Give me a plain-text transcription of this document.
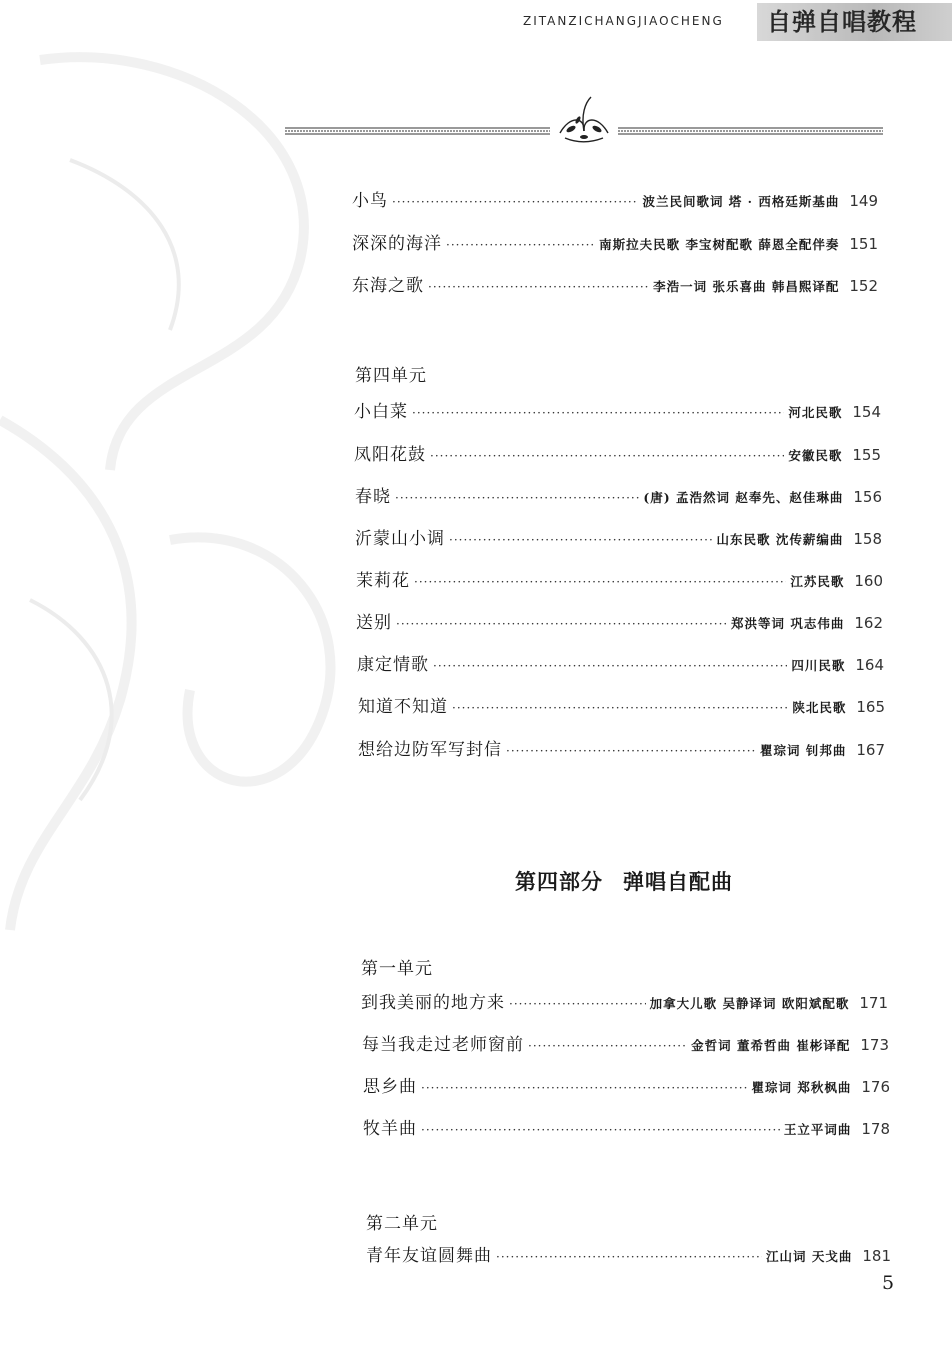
ZITANZICHANGJIAOCHENG	自弹自唱教程
小鸟 ·····	波兰民间歌词 塔 · 西格廷斯基曲 149
深深的海洋 ·····	南斯拉夫民歌 李宝树配歌 薛恩全配伴奏 151
东海之歌 ·····	李浩一词 张乐喜曲 韩昌熙译配 152
第四单元
小白菜 ·····	河北民歌 154
凤阳花鼓 ·····	安徽民歌 155
春晓 ·····	(唐) 孟浩然词 赵奉先、赵佳琳曲 156
沂蒙山小调 ·····	山东民歌 沈传薪编曲 158
茉莉花 ·····	江苏民歌 160
送别 ·····	郑洪等词 巩志伟曲 162
康定情歌 ·····	四川民歌 164
知道不知道 ·····	陕北民歌 165
想给边防军写封信 ·····	瞿琮词 钊邦曲 167
第四部分 弹唱自配曲
第一单元
到我美丽的地方来 ·····	加拿大儿歌 吴静译词 欧阳斌配歌 171
每当我走过老师窗前 ·····	金哲词 董希哲曲 崔彬译配 173
思乡曲 ·····	瞿琮词 郑秋枫曲 176
牧羊曲 ·····	王立平词曲 178
第二单元
青年友谊圆舞曲 ·····	江山词 天戈曲 181
5
